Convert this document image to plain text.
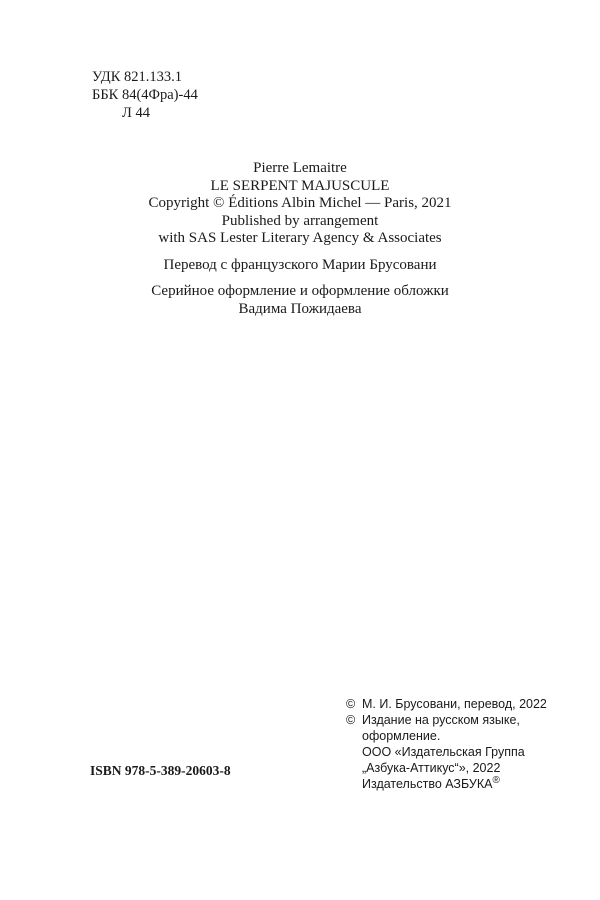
УДК 821.133.1
ББК 84(4Фра)-44
Л 44
Pierre Lemaitre
LE SERPENT MAJUSCULE
Copyright © Éditions Albin Michel — Paris, 2021
Published by arrangement
with SAS Lester Literary Agency & Associates
Перевод с французского Марии Брусовани
Серийное оформление и оформление обложки
Вадима Пожидаева
ISBN 978-5-389-20603-8
© М. И. Брусовани, перевод, 2022
© Издание на русском языке,
оформление.
ООО «Издательская Группа
„Азбука-Аттикус“», 2022
Издательство АЗБУКА®
